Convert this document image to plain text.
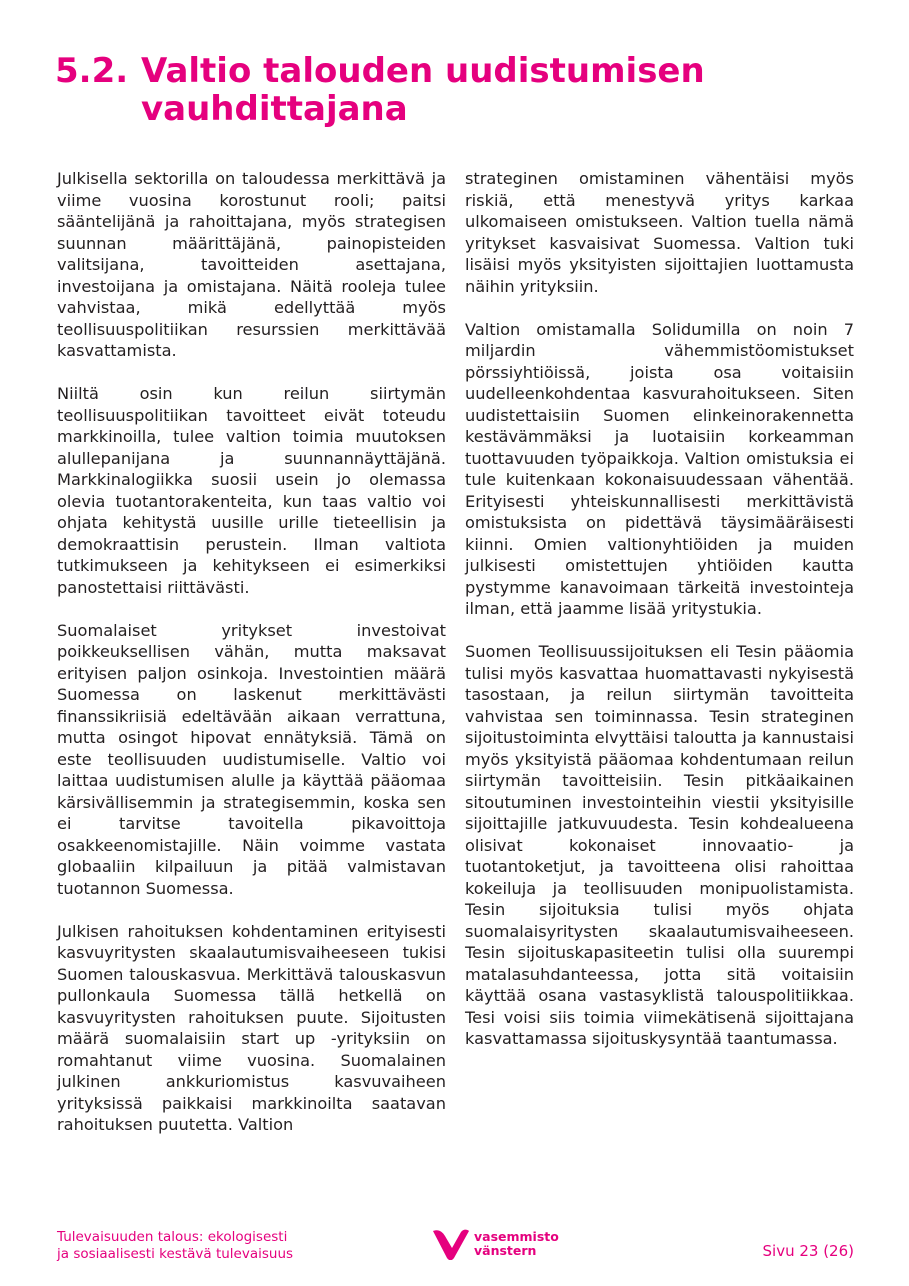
5.2. Valtio talouden uudistumisen
vauhdittajana

Julkisella sektorilla on taloudessa merkittävä ja viime vuosina korostunut rooli; paitsi sääntelijänä ja rahoittajana, myös strategisen suunnan määrittäjänä, painopisteiden valitsijana, tavoitteiden asettajana, investoijana ja omistajana. Näitä rooleja tulee vahvistaa, mikä edellyttää myös teollisuuspolitiikan resurssien merkittävää kasvattamista.

Niiltä osin kun reilun siirtymän teollisuuspolitiikan tavoitteet eivät toteudu markkinoilla, tulee valtion toimia muutoksen alullepanijana ja suunnannäyttäjänä. Markkinalogiikka suosii usein jo olemassa olevia tuotantorakenteita, kun taas valtio voi ohjata kehitystä uusille urille tieteellisin ja demokraattisin perustein. Ilman valtiota tutkimukseen ja kehitykseen ei esimerkiksi panostettaisi riittävästi.

Suomalaiset yritykset investoivat poikkeuksellisen vähän, mutta maksavat erityisen paljon osinkoja. Investointien määrä Suomessa on laskenut merkittävästi finanssikriisiä edeltävään aikaan verrattuna, mutta osingot hipovat ennätyksiä. Tämä on este teollisuuden uudistumiselle. Valtio voi laittaa uudistumisen alulle ja käyttää pääomaa kärsivällisemmin ja strategisemmin, koska sen ei tarvitse tavoitella pikavoittoja osakkeenomistajille. Näin voimme vastata globaaliin kilpailuun ja pitää valmistavan tuotannon Suomessa.

Julkisen rahoituksen kohdentaminen erityisesti kasvuyritysten skaalautumisvaiheeseen tukisi Suomen talouskasvua. Merkittävä talouskasvun pullonkaula Suomessa tällä hetkellä on kasvuyritysten rahoituksen puute. Sijoitusten määrä suomalaisiin start up -yrityksiin on romahtanut viime vuosina. Suomalainen julkinen ankkuriomistus kasvuvaiheen yrityksissä paikkaisi markkinoilta saatavan rahoituksen puutetta. Valtion

strateginen omistaminen vähentäisi myös riskiä, että menestyvä yritys karkaa ulkomaiseen omistukseen. Valtion tuella nämä yritykset kasvaisivat Suomessa. Valtion tuki lisäisi myös yksityisten sijoittajien luottamusta näihin yrityksiin.

Valtion omistamalla Solidumilla on noin 7 miljardin vähemmistöomistukset pörssiyhtiöissä, joista osa voitaisiin uudelleenkohdentaa kasvurahoitukseen. Siten uudistettaisiin Suomen elinkeinorakennetta kestävämmäksi ja luotaisiin korkeamman tuottavuuden työpaikkoja. Valtion omistuksia ei tule kuitenkaan kokonaisuudessaan vähentää. Erityisesti yhteiskunnallisesti merkittävistä omistuksista on pidettävä täysimääräisesti kiinni. Omien valtionyhtiöiden ja muiden julkisesti omistettujen yhtiöiden kautta pystymme kanavoimaan tärkeitä investointeja ilman, että jaamme lisää yritystukia.

Suomen Teollisuussijoituksen eli Tesin pääomia tulisi myös kasvattaa huomattavasti nykyisestä tasostaan, ja reilun siirtymän tavoitteita vahvistaa sen toiminnassa. Tesin strateginen sijoitustoiminta elvyttäisi taloutta ja kannustaisi myös yksityistä pääomaa kohdentumaan reilun siirtymän tavoitteisiin. Tesin pitkäaikainen sitoutuminen investointeihin viestii yksityisille sijoittajille jatkuvuudesta. Tesin kohdealueena olisivat kokonaiset innovaatio- ja tuotantoketjut, ja tavoitteena olisi rahoittaa kokeiluja ja teollisuuden monipuolistamista. Tesin sijoituksia tulisi myös ohjata suomalaisyritysten skaalautumisvaiheeseen. Tesin sijoituskapasiteetin tulisi olla suurempi matalasuhdanteessa, jotta sitä voitaisiin käyttää osana vastasyklistä talouspolitiikkaa. Tesi voisi siis toimia viimekätisenä sijoittajana kasvattamassa sijoituskysyntää taantumassa.

Tulevaisuuden talous: ekologisesti
ja sosiaalisesti kestävä tulevaisuus
vasemmisto
vänstern	Sivu 23 (26)
